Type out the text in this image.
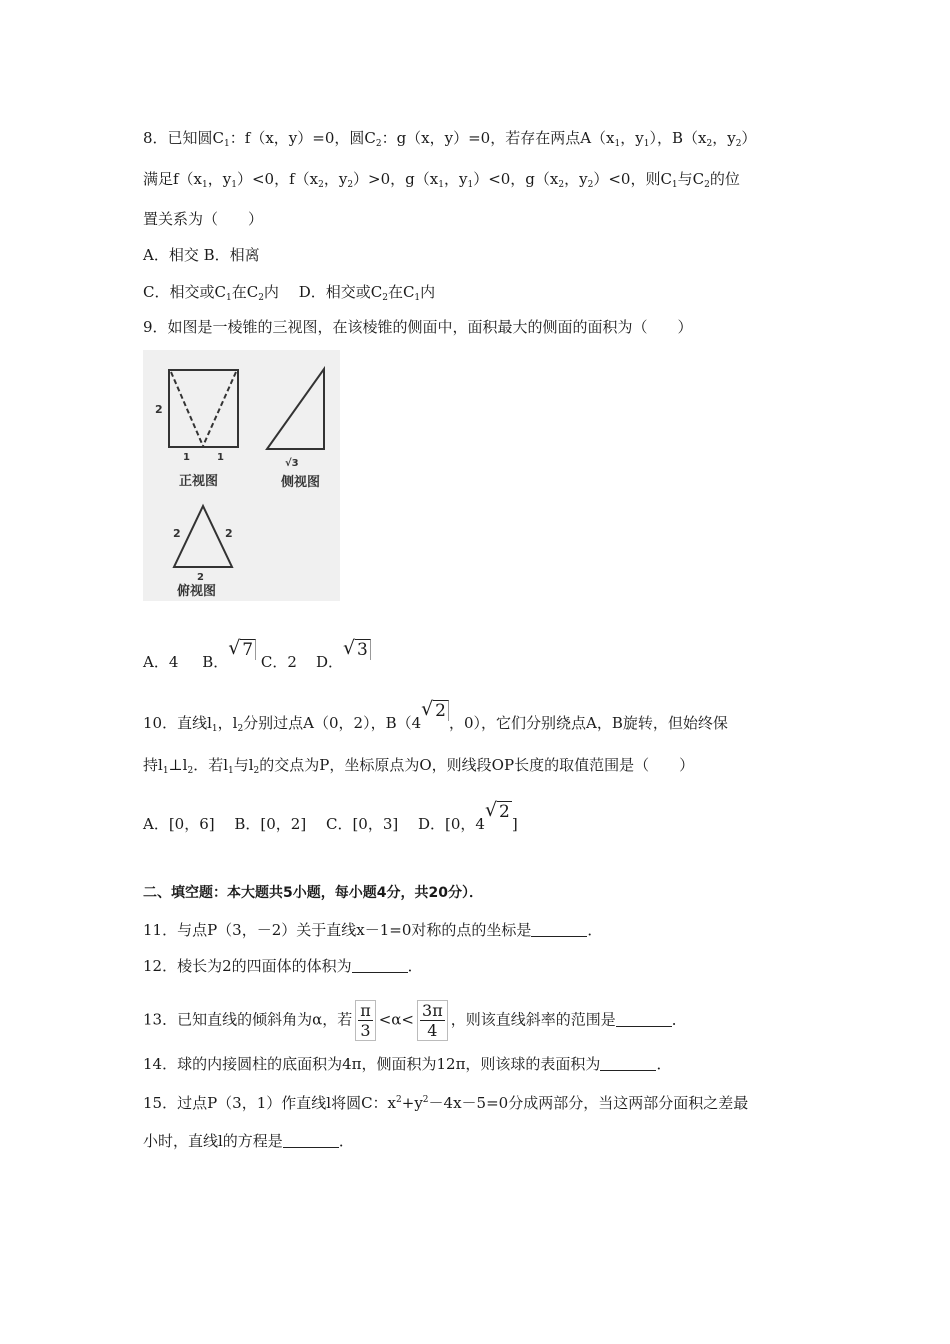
8．已知圆$C_1$：f（x，y）=0，圆$C_2$：g（x，y）=0，若存在两点$A(x_1$，$y_1$），$B(x_2$，$y_2$）
满足$f(x_1$，$y_1)<0$，$f(x_2$，$y_2)>0$，$g(x_1$，$y_1)<0$，$g(x_2$，$y_2)<0$，则$C_1$与$C_2$的位
置关系为（　　）
A．相交 B．相离
C．相交或$C_1$在$C_2$内　 D．相交或$C_2$在$C_1$内
9．如图是一棱锥的三视图，在该棱锥的侧面中，面积最大的侧面的面积为（　　）
2
1	1
正视图
√3
侧视图
2	2
2
俯视图
A．4 B．
√ 7 C．2 D．
√ 3
10．直线$l_1$，$l_2$分别过点A（0，2），B（4
√ 2，0），它们分别绕点A，B旋转，但始终保
持$l_1\perp l_2$．若$l_1$与$l_2$的交点为P，坐标原点为O，则线段OP长度的取值范围是（　　）
A．[0，6]　 B．[0，2]　 C．[0，3]　 D．[0，4
√ 2]
二、填空题：本大题共5小题，每小题4分，共20分）．
11．与点P（3，－2）关于直线x－1=0对称的点的坐标是	．
12．棱长为2的四面体的体积为	．
13．已知直线的倾斜角为α，若 $\frac{\pi}{3} <\alpha< \frac{3\pi}{4}$ ，则该直线斜率的范围是	．
14．球的内接圆柱的底面积为4π，侧面积为12π，则该球的表面积为	．
15．过点P（3，1）作直线l将圆C：$x^2+y^2-4x-5=0$分成两部分，当这两部分面积之差最
小时，直线l的方程是	．
